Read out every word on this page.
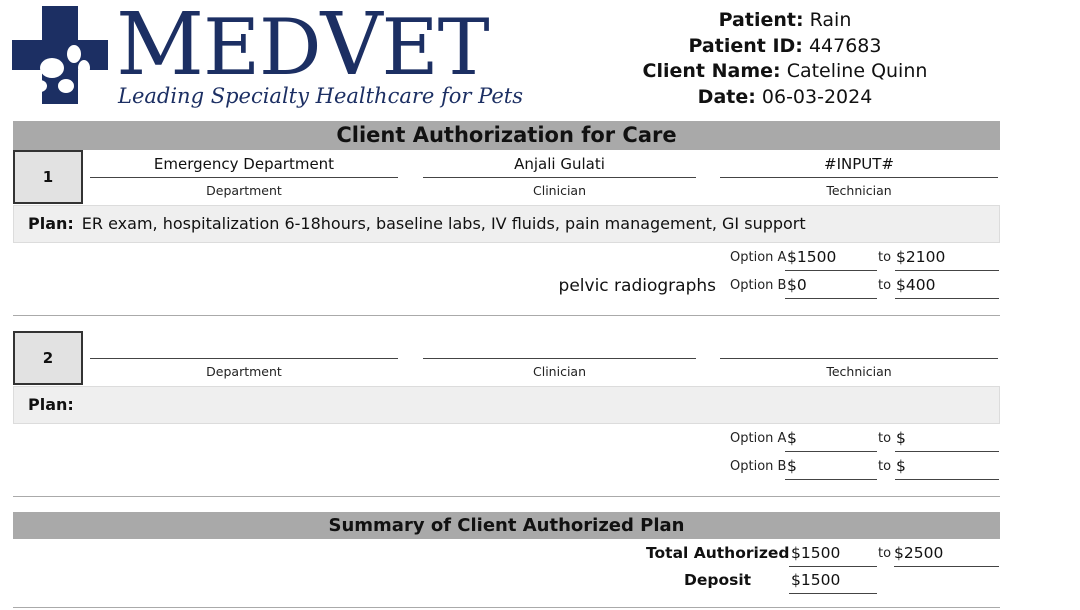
MEDVET
Leading Specialty Healthcare for Pets
Patient: Rain
Patient ID: 447683
Client Name: Cateline Quinn
Date: 06-03-2024
Client Authorization for Care
1
Emergency Department
Department
Anjali Gulati
Clinician
#INPUT#
Technician
Plan: ER exam, hospitalization 6-18hours, baseline labs, IV fluids, pain management, GI support
pelvic radiographs
Option A $1500	to $2100
Option B $0	to $400
2
Department	Clinician	Technician
Plan:
Option A $	to $
Option B $	to $
Summary of Client Authorized Plan
Total Authorized $1500	to $2500
Deposit	$1500
